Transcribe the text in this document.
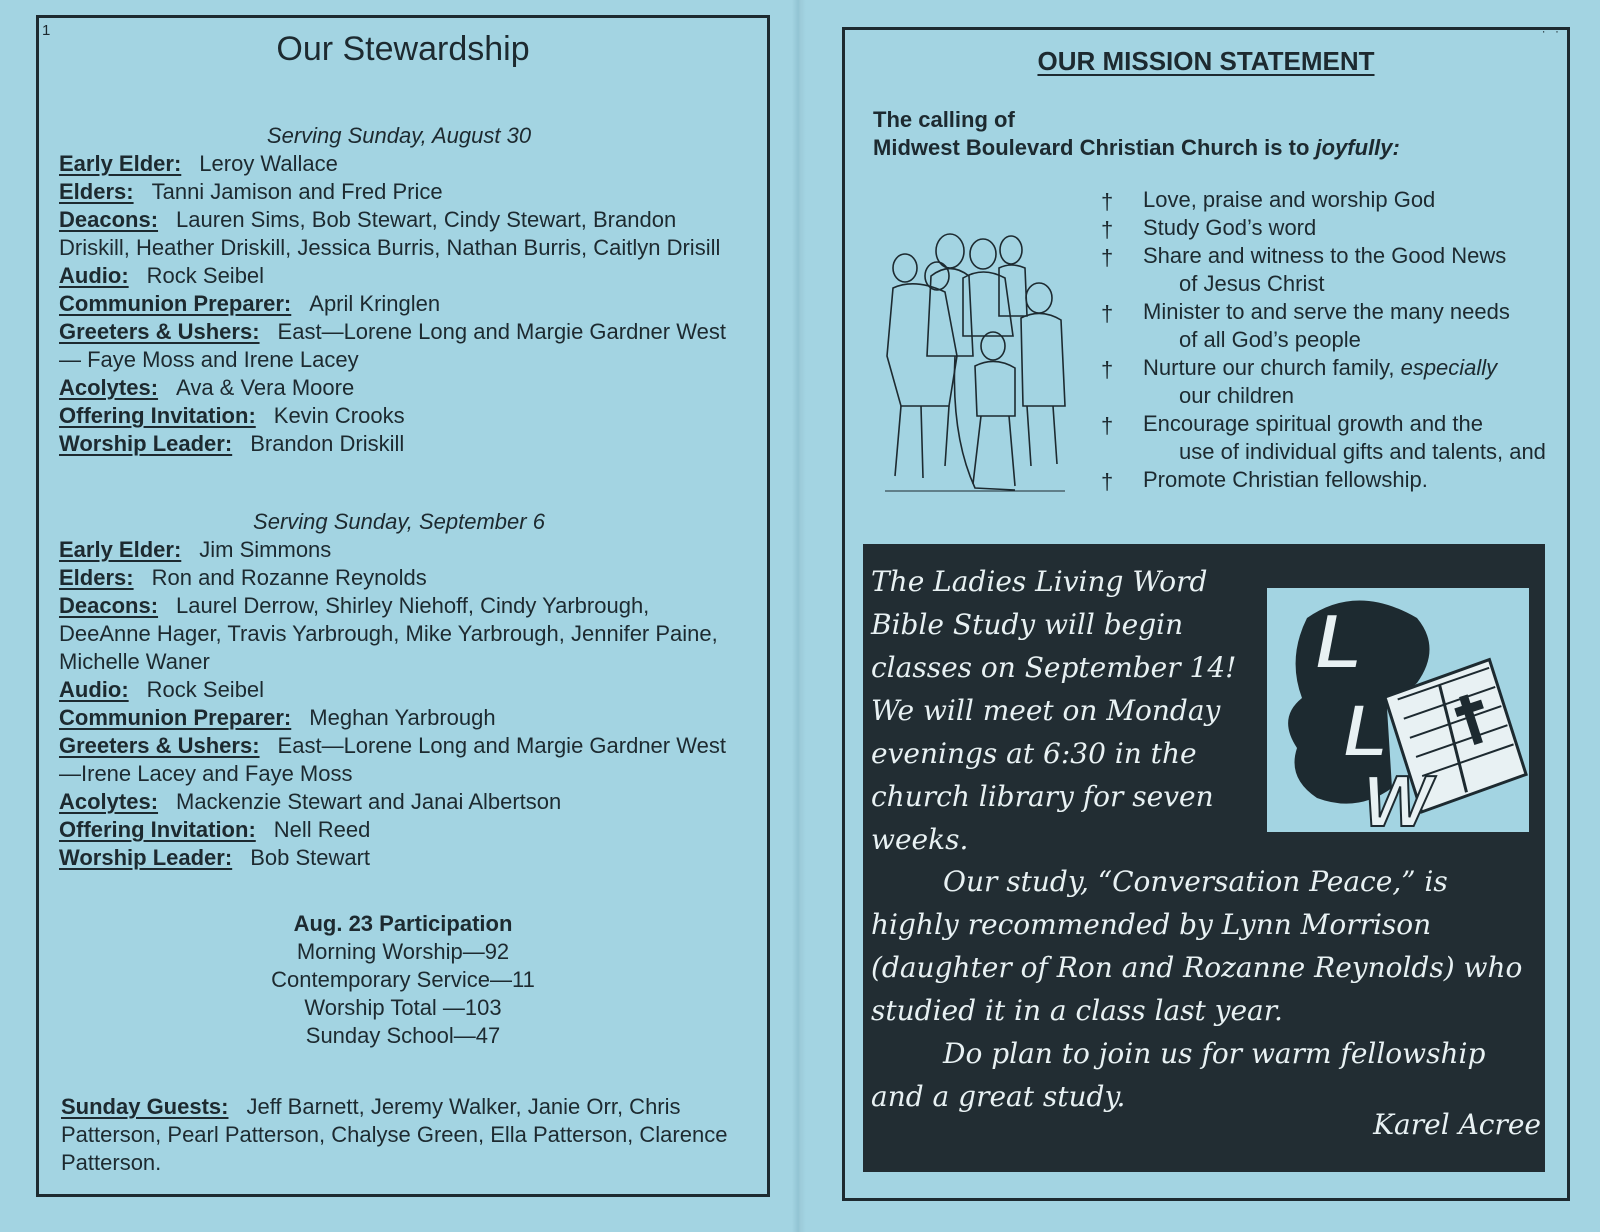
1	Our Stewardship
Serving Sunday, August 30
Early Elder: Leroy Wallace
Elders: Tanni Jamison and Fred Price
Deacons: Lauren Sims, Bob Stewart, Cindy Stewart, Brandon Driskill, Heather Driskill, Jessica Burris, Nathan Burris, Caitlyn Drisill
Audio: Rock Seibel
Communion Preparer: April Kringlen
Greeters & Ushers: East—Lorene Long and Margie Gardner West— Faye Moss and Irene Lacey
Acolytes: Ava & Vera Moore
Offering Invitation: Kevin Crooks
Worship Leader: Brandon Driskill
Serving Sunday, September 6
Early Elder: Jim Simmons
Elders: Ron and Rozanne Reynolds
Deacons: Laurel Derrow, Shirley Niehoff, Cindy Yarbrough, DeeAnne Hager, Travis Yarbrough, Mike Yarbrough, Jennifer Paine, Michelle Waner
Audio: Rock Seibel
Communion Preparer: Meghan Yarbrough
Greeters & Ushers: East—Lorene Long and Margie Gardner West—Irene Lacey and Faye Moss
Acolytes: Mackenzie Stewart and Janai Albertson
Offering Invitation: Nell Reed
Worship Leader: Bob Stewart
Aug. 23 Participation
Morning Worship—92
Contemporary Service—11
Worship Total —103
Sunday School—47
Sunday Guests: Jeff Barnett, Jeremy Walker, Janie Orr, Chris Patterson, Pearl Patterson, Chalyse Green, Ella Patterson, Clarence Patterson.
· ·
OUR MISSION STATEMENT
The calling of
Midwest Boulevard Christian Church is to joyfully:
† Love, praise and worship God
† Study God’s word
† Share and witness to the Good News
of Jesus Christ
† Minister to and serve the many needs
of all God’s people
† Nurture our church family, especially
our children
† Encourage spiritual growth and the
use of individual gifts and talents, and
† Promote Christian fellowship.
The Ladies Living Word
Bible Study will begin
classes on September 14!
We will meet on Monday
evenings at 6:30 in the
church library for seven
weeks.
L
L
W
Our study, “Conversation Peace,” is highly recommended by Lynn Morrison (daughter of Ron and Rozanne Reynolds) who studied it in a class last year.
Do plan to join us for warm fellowship and a great study.
Karel Acree
